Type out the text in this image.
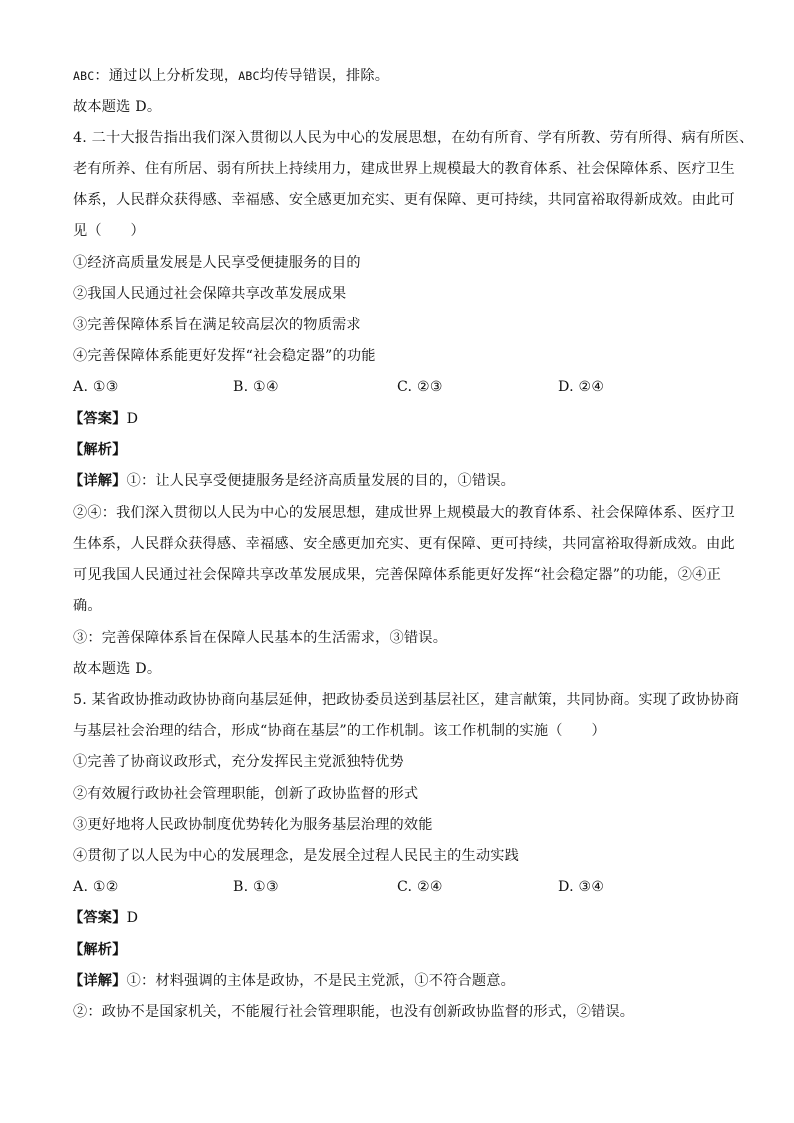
ABC：通过以上分析发现，ABC均传导错误，排除。
故本题选 D。
4. 二十大报告指出我们深入贯彻以人民为中心的发展思想，在幼有所育、学有所教、劳有所得、病有所医、
老有所养、住有所居、弱有所扶上持续用力，建成世界上规模最大的教育体系、社会保障体系、医疗卫生
体系，人民群众获得感、幸福感、安全感更加充实、更有保障、更可持续，共同富裕取得新成效。由此可
见（　　）
①经济高质量发展是人民享受便捷服务的目的
②我国人民通过社会保障共享改革发展成果
③完善保障体系旨在满足较高层次的物质需求
④完善保障体系能更好发挥“社会稳定器”的功能
A. ①③	B. ①④	C. ②③	D. ②④
【答案】D
【解析】
【详解】①：让人民享受便捷服务是经济高质量发展的目的，①错误。
②④：我们深入贯彻以人民为中心的发展思想，建成世界上规模最大的教育体系、社会保障体系、医疗卫
生体系，人民群众获得感、幸福感、安全感更加充实、更有保障、更可持续，共同富裕取得新成效。由此
可见我国人民通过社会保障共享改革发展成果，完善保障体系能更好发挥“社会稳定器”的功能，②④正
确。
③：完善保障体系旨在保障人民基本的生活需求，③错误。
故本题选 D。
5. 某省政协推动政协协商向基层延伸，把政协委员送到基层社区，建言献策，共同协商。实现了政协协商
与基层社会治理的结合，形成“协商在基层”的工作机制。该工作机制的实施（　　）
①完善了协商议政形式，充分发挥民主党派独特优势
②有效履行政协社会管理职能，创新了政协监督的形式
③更好地将人民政协制度优势转化为服务基层治理的效能
④贯彻了以人民为中心的发展理念，是发展全过程人民民主的生动实践
A. ①②	B. ①③	C. ②④	D. ③④
【答案】D
【解析】
【详解】①：材料强调的主体是政协，不是民主党派，①不符合题意。
②：政协不是国家机关，不能履行社会管理职能，也没有创新政协监督的形式，②错误。
